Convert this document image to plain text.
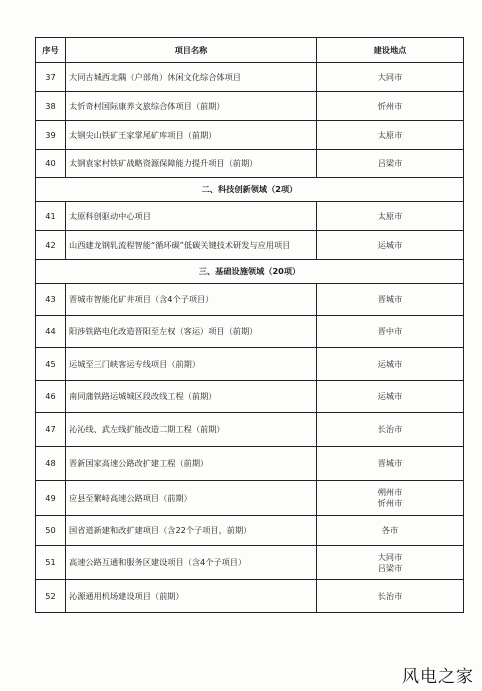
序号	项目名称	建设地点
37	大同古城西北隅（户部角）休闲文化综合体项目	大同市

38	太忻奇村国际康养文旅综合体项目（前期）	忻州市

39	太钢尖山铁矿王家掌尾矿库项目（前期）	太原市

40	太钢袁家村铁矿战略资源保障能力提升项目（前期）	吕梁市

二、科技创新领域（2项）		
41	太原科创驱动中心项目	太原市

42	山西建龙钢轧流程智能“循环碳”低碳关键技术研发与应用项目	运城市

三、基础设施领域（20项）		
43	晋城市智能化矿井项目（含4个子项目）	晋城市

44	阳涉铁路电化改造晋阳至左权（客运）项目（前期）	晋中市

45	运城至三门峡客运专线项目（前期）	运城市

46	南同蒲铁路运城城区段改线工程（前期）	运城市

47	沁沁线、武左线扩能改造二期工程（前期）	长治市

48	晋新国家高速公路改扩建工程（前期）	晋城市

49	应县至繁峙高速公路项目（前期）	朔州市
忻州市

50	国省道新建和改扩建项目（含22个子项目，前期）	各市

51	高速公路互通和服务区建设项目（含4个子项目）	大同市
吕梁市

52	沁源通用机场建设项目（前期）	长治市
风电之家
